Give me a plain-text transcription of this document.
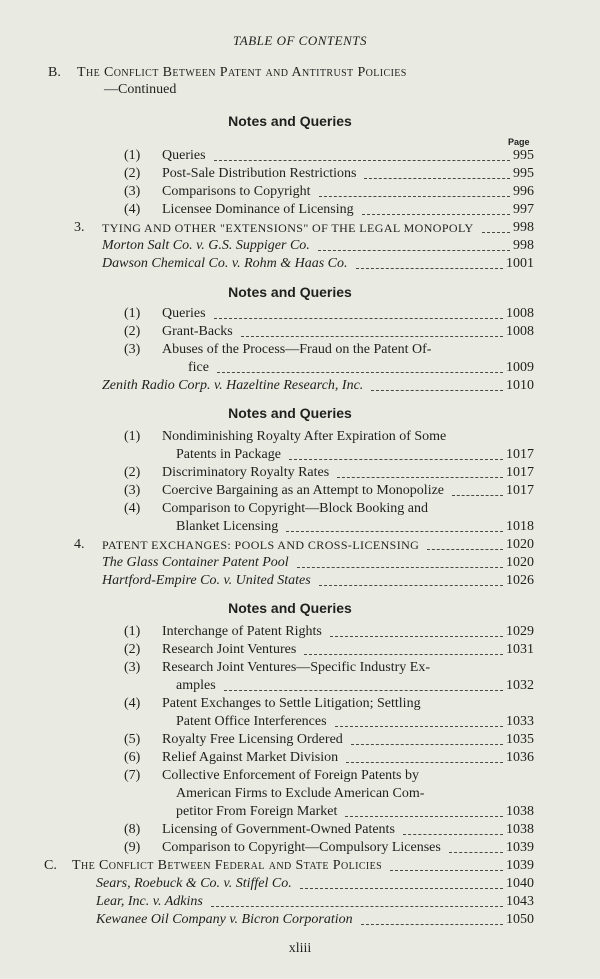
TABLE OF CONTENTS
B. The Conflict Between Patent and Antitrust Policies
—Continued
Notes and Queries
Page
Notes and Queries
Notes and Queries
Notes and Queries
(1) Queries	995
(2) Post-Sale Distribution Restrictions	995
(3) Comparisons to Copyright	996
(4) Licensee Dominance of Licensing	997
3. TYING AND OTHER "EXTENSIONS" OF THE LEGAL MONOPOLY	998
Morton Salt Co. v. G.S. Suppiger Co.	998
Dawson Chemical Co. v. Rohm & Haas Co.	1001
(1) Queries	1008
(2) Grant-Backs	1008
(3) Abuses of the Process—Fraud on the Patent Of-
fice	1009
Zenith Radio Corp. v. Hazeltine Research, Inc.	1010
(1) Nondiminishing Royalty After Expiration of Some
Patents in Package	1017
(2) Discriminatory Royalty Rates	1017
(3) Coercive Bargaining as an Attempt to Monopolize	1017
(4) Comparison to Copyright—Block Booking and
Blanket Licensing	1018
4. PATENT EXCHANGES: POOLS AND CROSS-LICENSING	1020
The Glass Container Patent Pool	1020
Hartford-Empire Co. v. United States	1026
(1) Interchange of Patent Rights	1029
(2) Research Joint Ventures	1031
(3) Research Joint Ventures—Specific Industry Ex-
amples	1032
(4) Patent Exchanges to Settle Litigation; Settling
Patent Office Interferences	1033
(5) Royalty Free Licensing Ordered	1035
(6) Relief Against Market Division	1036
(7) Collective Enforcement of Foreign Patents by
American Firms to Exclude American Com-
petitor From Foreign Market	1038
(8) Licensing of Government-Owned Patents	1038
(9) Comparison to Copyright—Compulsory Licenses	1039
C. The Conflict Between Federal and State Policies	1039
Sears, Roebuck & Co. v. Stiffel Co.	1040
Lear, Inc. v. Adkins	1043
Kewanee Oil Company v. Bicron Corporation	1050
xliii
